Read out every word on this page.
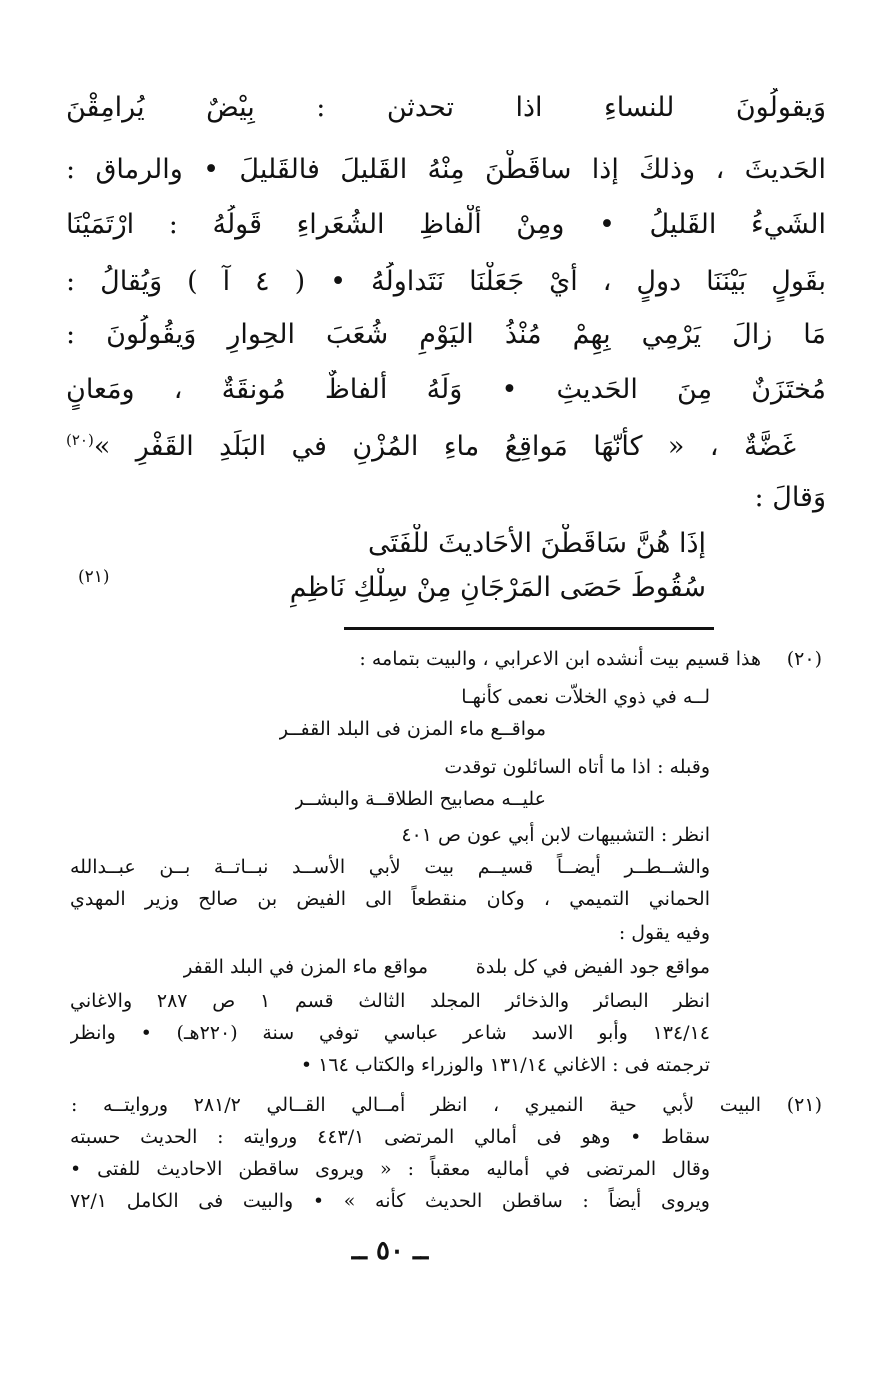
وَيقولُونَ للنساءِ اذا تحدثن : بِيْضٌ يُرامِقْنَ
الحَديثَ ، وذلكَ إذا ساقَطْنَ مِنْهُ القَليلَ فالقَليلَ • والرماق :
الشَيءُ القَليلُ • ومِنْ ألْفاظِ الشُعَراءِ قَولُهُ : ارْتَمَيْنَا
بقَولٍ بَيْنَنَا دولٍ ، أيْ جَعَلْنَا نَتَداولُهُ • ( ٤ آ ) وَيُقالُ :
مَا زالَ يَرْمِي بِهِمْ مُنْذُ اليَوْمِ شُعَبَ الحِوارِ وَيقُولُونَ :
مُختَزَنٌ مِنَ الحَديثِ • وَلَهُ ألفاظٌ مُونقَةٌ ، ومَعانٍ
غَضَّةٌ ، « كأنّهَا مَواقِعُ ماءِ المُزْنِ في البَلَدِ القَفْرِ »$^{(٢٠)}$
وَقالَ :
إذَا هُنَّ سَاقَطْنَ الأحَاديثَ للْفَتَى
سُقُوطَ حَصَى المَرْجَانِ مِنْ سِلْكِ نَاظِمِ
(٢١)
(٢٠)
هذا قسيم بيت أنشده ابن الاعرابي ، والبيت بتمامه :
لــه في ذوي الخلاّت نعمى كأنهـا
مواقــع ماء المزن فى البلد القفــر
وقبله : اذا ما أتاه السائلون توقدت
عليــه مصابيح الطلاقــة والبشــر
انظر : التشبيهات لابن أبي عون ص ٤٠١
والشــطــر أيضــاً قسيــم بيت لأبي الأســد نبــاتــة بــن عبــدالله
الحماني التميمي ، وكان منقطعاً الى الفيض بن صالح وزير المهدي
وفيه يقول :
مواقع جود الفيض في كل بلدة
مواقع ماء المزن في البلد القفر
انظر البصائر والذخائر المجلد الثالث قسم ١ ص ٢٨٧ والاغاني
١٣٤/١٤ وأبو الاسد شاعر عباسي توفي سنة (٢٢٠هـ) • وانظر
ترجمته فى : الاغاني ١٣١/١٤ والوزراء والكتاب ١٦٤ •
(٢١)
البيت لأبي حية النميري ، انظر أمــالي القــالي ٢٨١/٢ وروايتــه :
سقاط • وهو فى أمالي المرتضى ٤٤٣/١ وروايته : الحديث حسبته
وقال المرتضى في أماليه معقباً : « ويروى ساقطن الاحاديث للفتى •
ويروى أيضاً : ساقطن الحديث كأنه » • والبيت فى الكامل ٧٢/١
ــ ٥٠ ــ
